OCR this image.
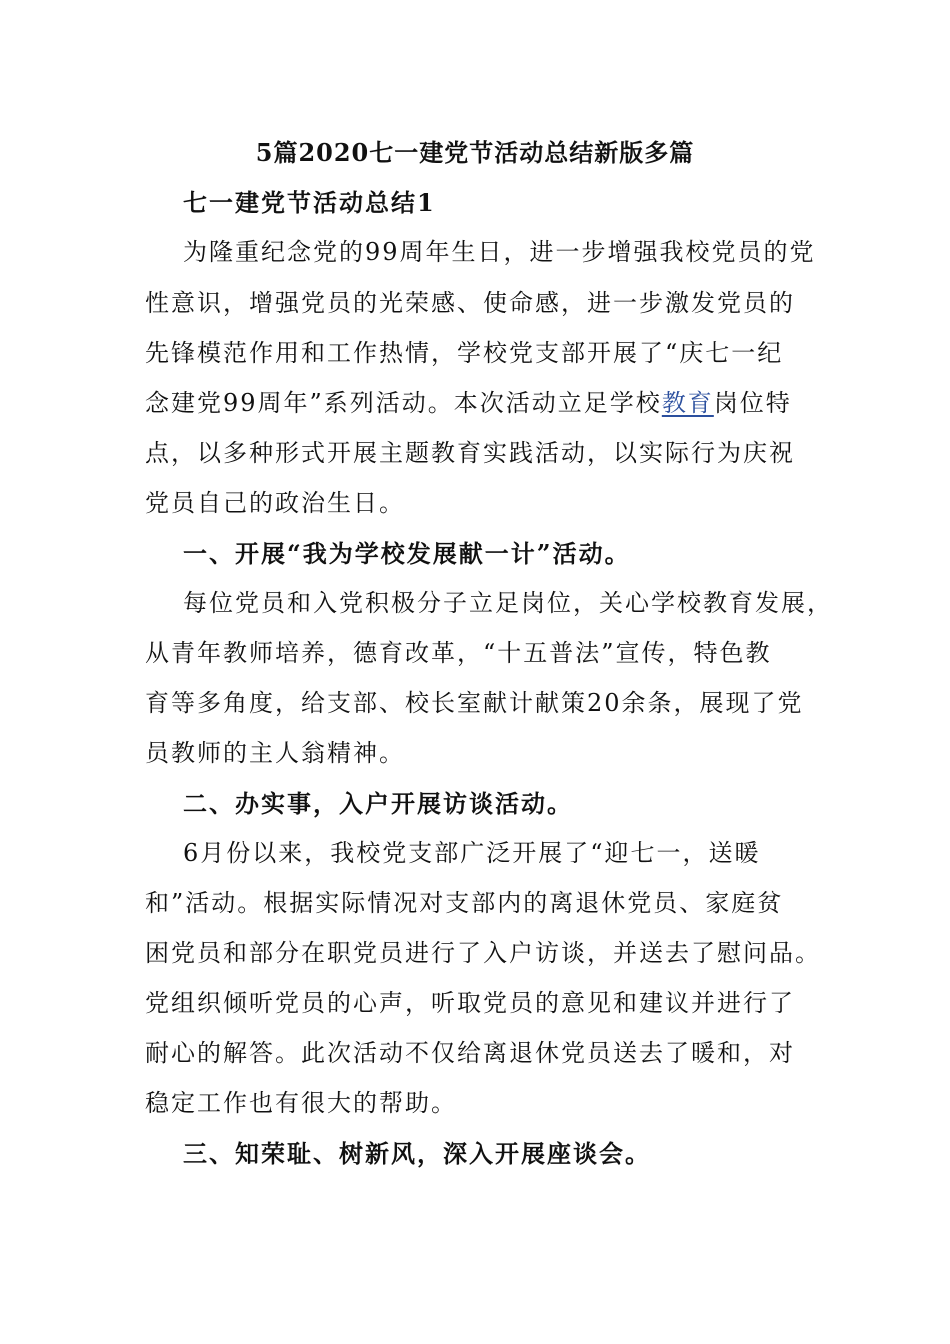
5篇2020七一建党节活动总结新版多篇
七一建党节活动总结1
为隆重纪念党的99周年生日，进一步增强我校党员的党
性意识，增强党员的光荣感、使命感，进一步激发党员的
先锋模范作用和工作热情，学校党支部开展了“庆七一纪
念建党99周年”系列活动。本次活动立足学校教育岗位特
点，以多种形式开展主题教育实践活动，以实际行为庆祝
党员自己的政治生日。
一、开展“我为学校发展献一计”活动。
每位党员和入党积极分子立足岗位，关心学校教育发展，
从青年教师培养，德育改革，“十五普法”宣传，特色教
育等多角度，给支部、校长室献计献策20余条，展现了党
员教师的主人翁精神。
二、办实事，入户开展访谈活动。
6月份以来，我校党支部广泛开展了“迎七一，送暖
和”活动。根据实际情况对支部内的离退休党员、家庭贫
困党员和部分在职党员进行了入户访谈，并送去了慰问品。
党组织倾听党员的心声，听取党员的意见和建议并进行了
耐心的解答。此次活动不仅给离退休党员送去了暖和，对
稳定工作也有很大的帮助。
三、知荣耻、树新风，深入开展座谈会。
